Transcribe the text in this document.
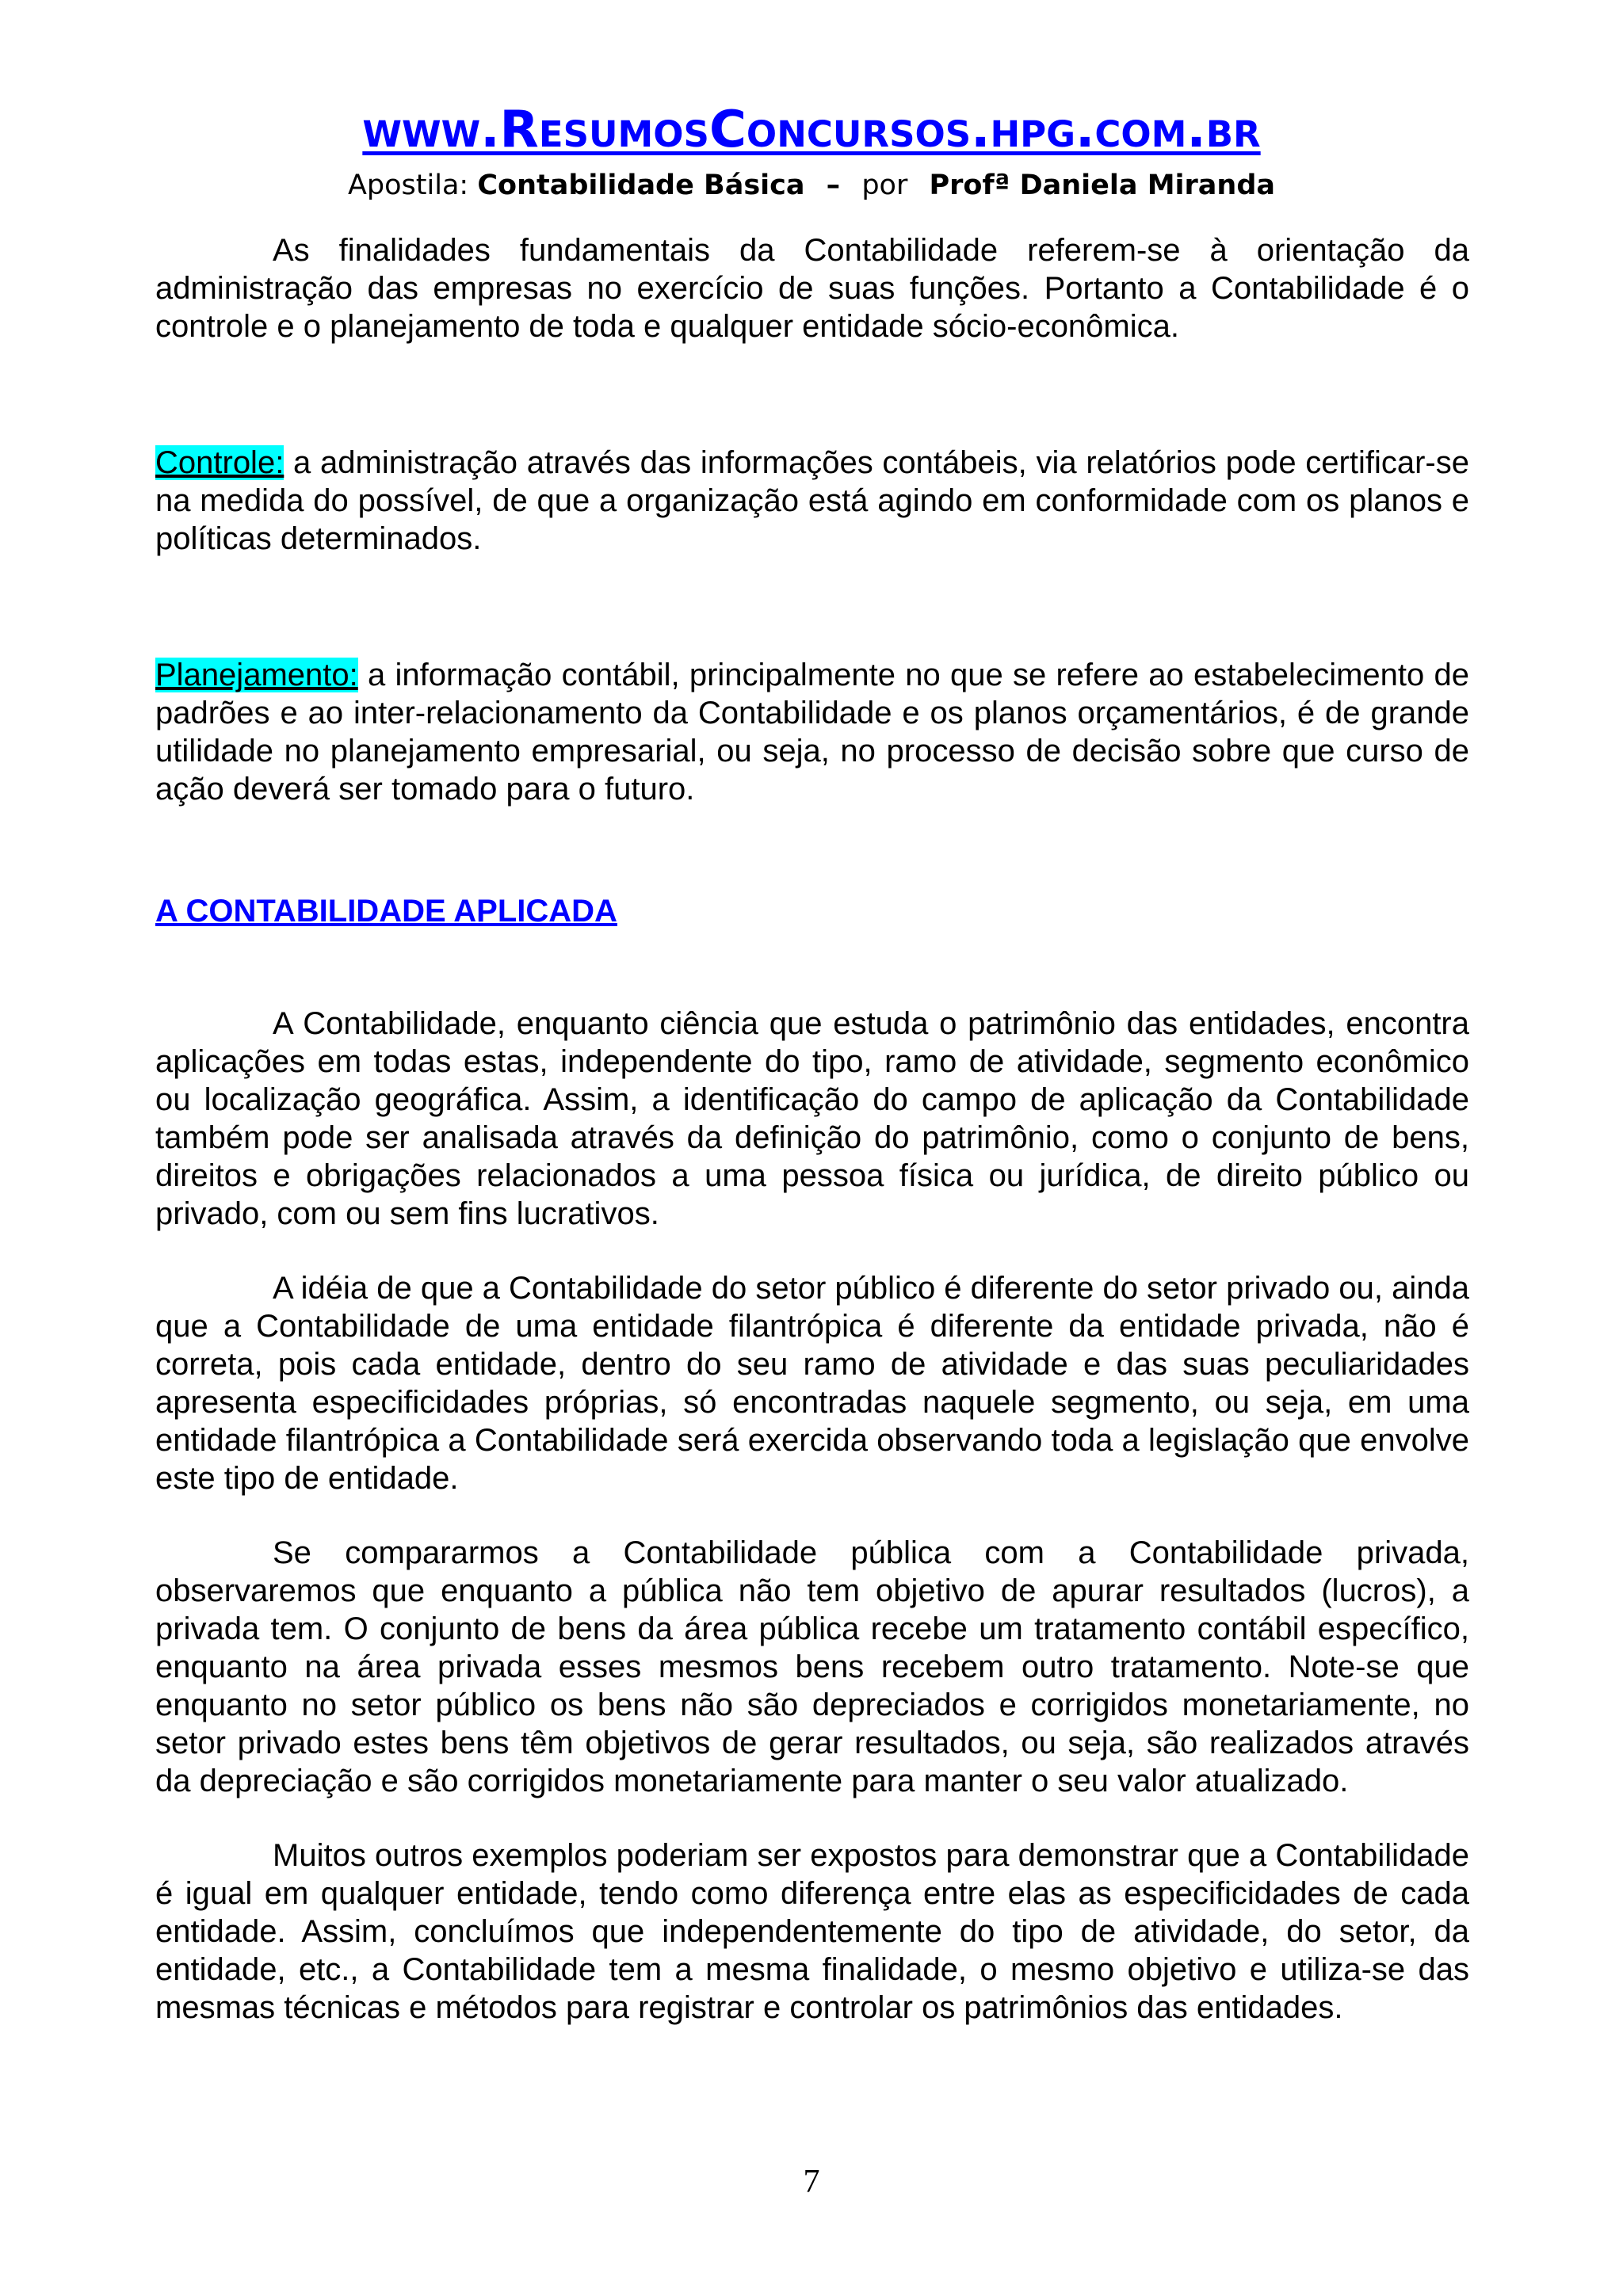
www.ResumosConcursos.hpg.com.br
Apostila: Contabilidade Básica – por Profª Daniela Miranda

As finalidades fundamentais da Contabilidade referem-se à orientação da administração das empresas no exercício de suas funções. Portanto a Contabilidade é o controle e o planejamento de toda e qualquer entidade sócio-econômica.

Controle: a administração através das informações contábeis, via relatórios pode certificar-se na medida do possível, de que a organização está agindo em conformidade com os planos e políticas determinados.

Planejamento: a informação contábil, principalmente no que se refere ao estabelecimento de padrões e ao inter-relacionamento da Contabilidade e os planos orçamentários, é de grande utilidade no planejamento empresarial, ou seja, no processo de decisão sobre que curso de ação deverá ser tomado para o futuro.

A CONTABILIDADE APLICADA

A Contabilidade, enquanto ciência que estuda o patrimônio das entidades, encontra aplicações em todas estas, independente do tipo, ramo de atividade, segmento econômico ou localização geográfica. Assim, a identificação do campo de aplicação da Contabilidade também pode ser analisada através da definição do patrimônio, como o conjunto de bens, direitos e obrigações relacionados a uma pessoa física ou jurídica, de direito público ou privado, com ou sem fins lucrativos.

A idéia de que a Contabilidade do setor público é diferente do setor privado ou, ainda que a Contabilidade de uma entidade filantrópica é diferente da entidade privada, não é correta, pois cada entidade, dentro do seu ramo de atividade e das suas peculiaridades apresenta especificidades próprias, só encontradas naquele segmento, ou seja, em uma entidade filantrópica a Contabilidade será exercida observando toda a legislação que envolve este tipo de entidade.

Se compararmos a Contabilidade pública com a Contabilidade privada, observaremos que enquanto a pública não tem objetivo de apurar resultados (lucros), a privada tem. O conjunto de bens da área pública recebe um tratamento contábil específico, enquanto na área privada esses mesmos bens recebem outro tratamento. Note-se que enquanto no setor público os bens não são depreciados e corrigidos monetariamente, no setor privado estes bens têm objetivos de gerar resultados, ou seja, são realizados através da depreciação e são corrigidos monetariamente para manter o seu valor atualizado.

Muitos outros exemplos poderiam ser expostos para demonstrar que a Contabilidade é igual em qualquer entidade, tendo como diferença entre elas as especificidades de cada entidade. Assim, concluímos que independentemente do tipo de atividade, do setor, da entidade, etc., a Contabilidade tem a mesma finalidade, o mesmo objetivo e utiliza-se das mesmas técnicas e métodos para registrar e controlar os patrimônios das entidades.

7
